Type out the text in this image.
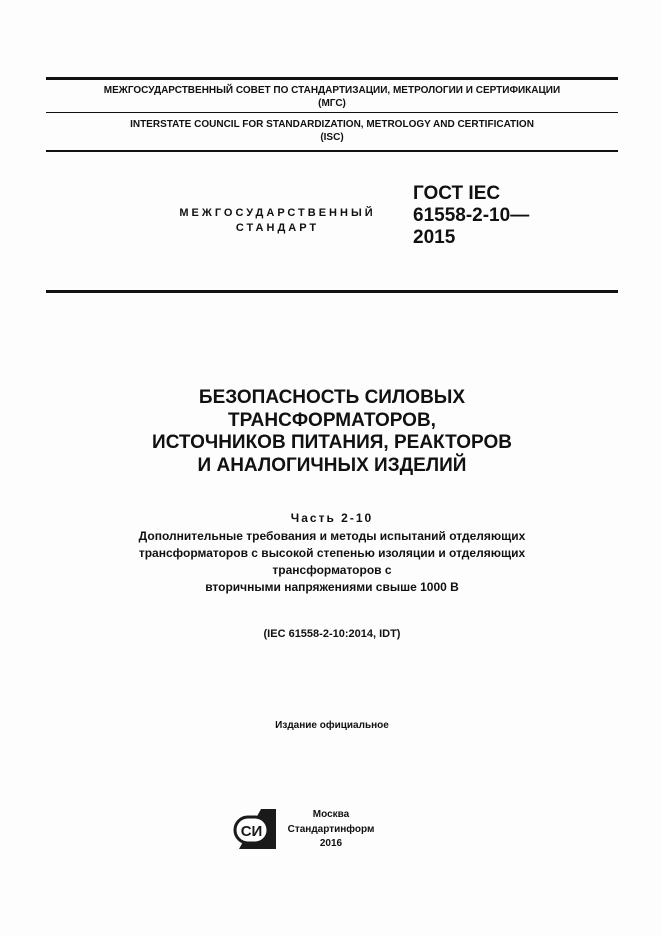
МЕЖГОСУДАРСТВЕННЫЙ СОВЕТ ПО СТАНДАРТИЗАЦИИ, МЕТРОЛОГИИ И СЕРТИФИКАЦИИ
(МГС)
INTERSTATE COUNCIL FOR STANDARDIZATION, METROLOGY AND CERTIFICATION
(ISC)
МЕЖГОСУДАРСТВЕННЫЙ
СТАНДАРТ
ГОСТ IEC
61558-2-10—
2015
БЕЗОПАСНОСТЬ СИЛОВЫХ
ТРАНСФОРМАТОРОВ,
ИСТОЧНИКОВ ПИТАНИЯ, РЕАКТОРОВ
И АНАЛОГИЧНЫХ ИЗДЕЛИЙ
Часть 2-10
Дополнительные требования и методы испытаний отделяющих
трансформаторов с высокой степенью изоляции и отделяющих
трансформаторов с
вторичными напряжениями свыше 1000 В
(IEC 61558-2-10:2014, IDT)
Издание официальное
СИ
Москва
Стандартинформ
2016
